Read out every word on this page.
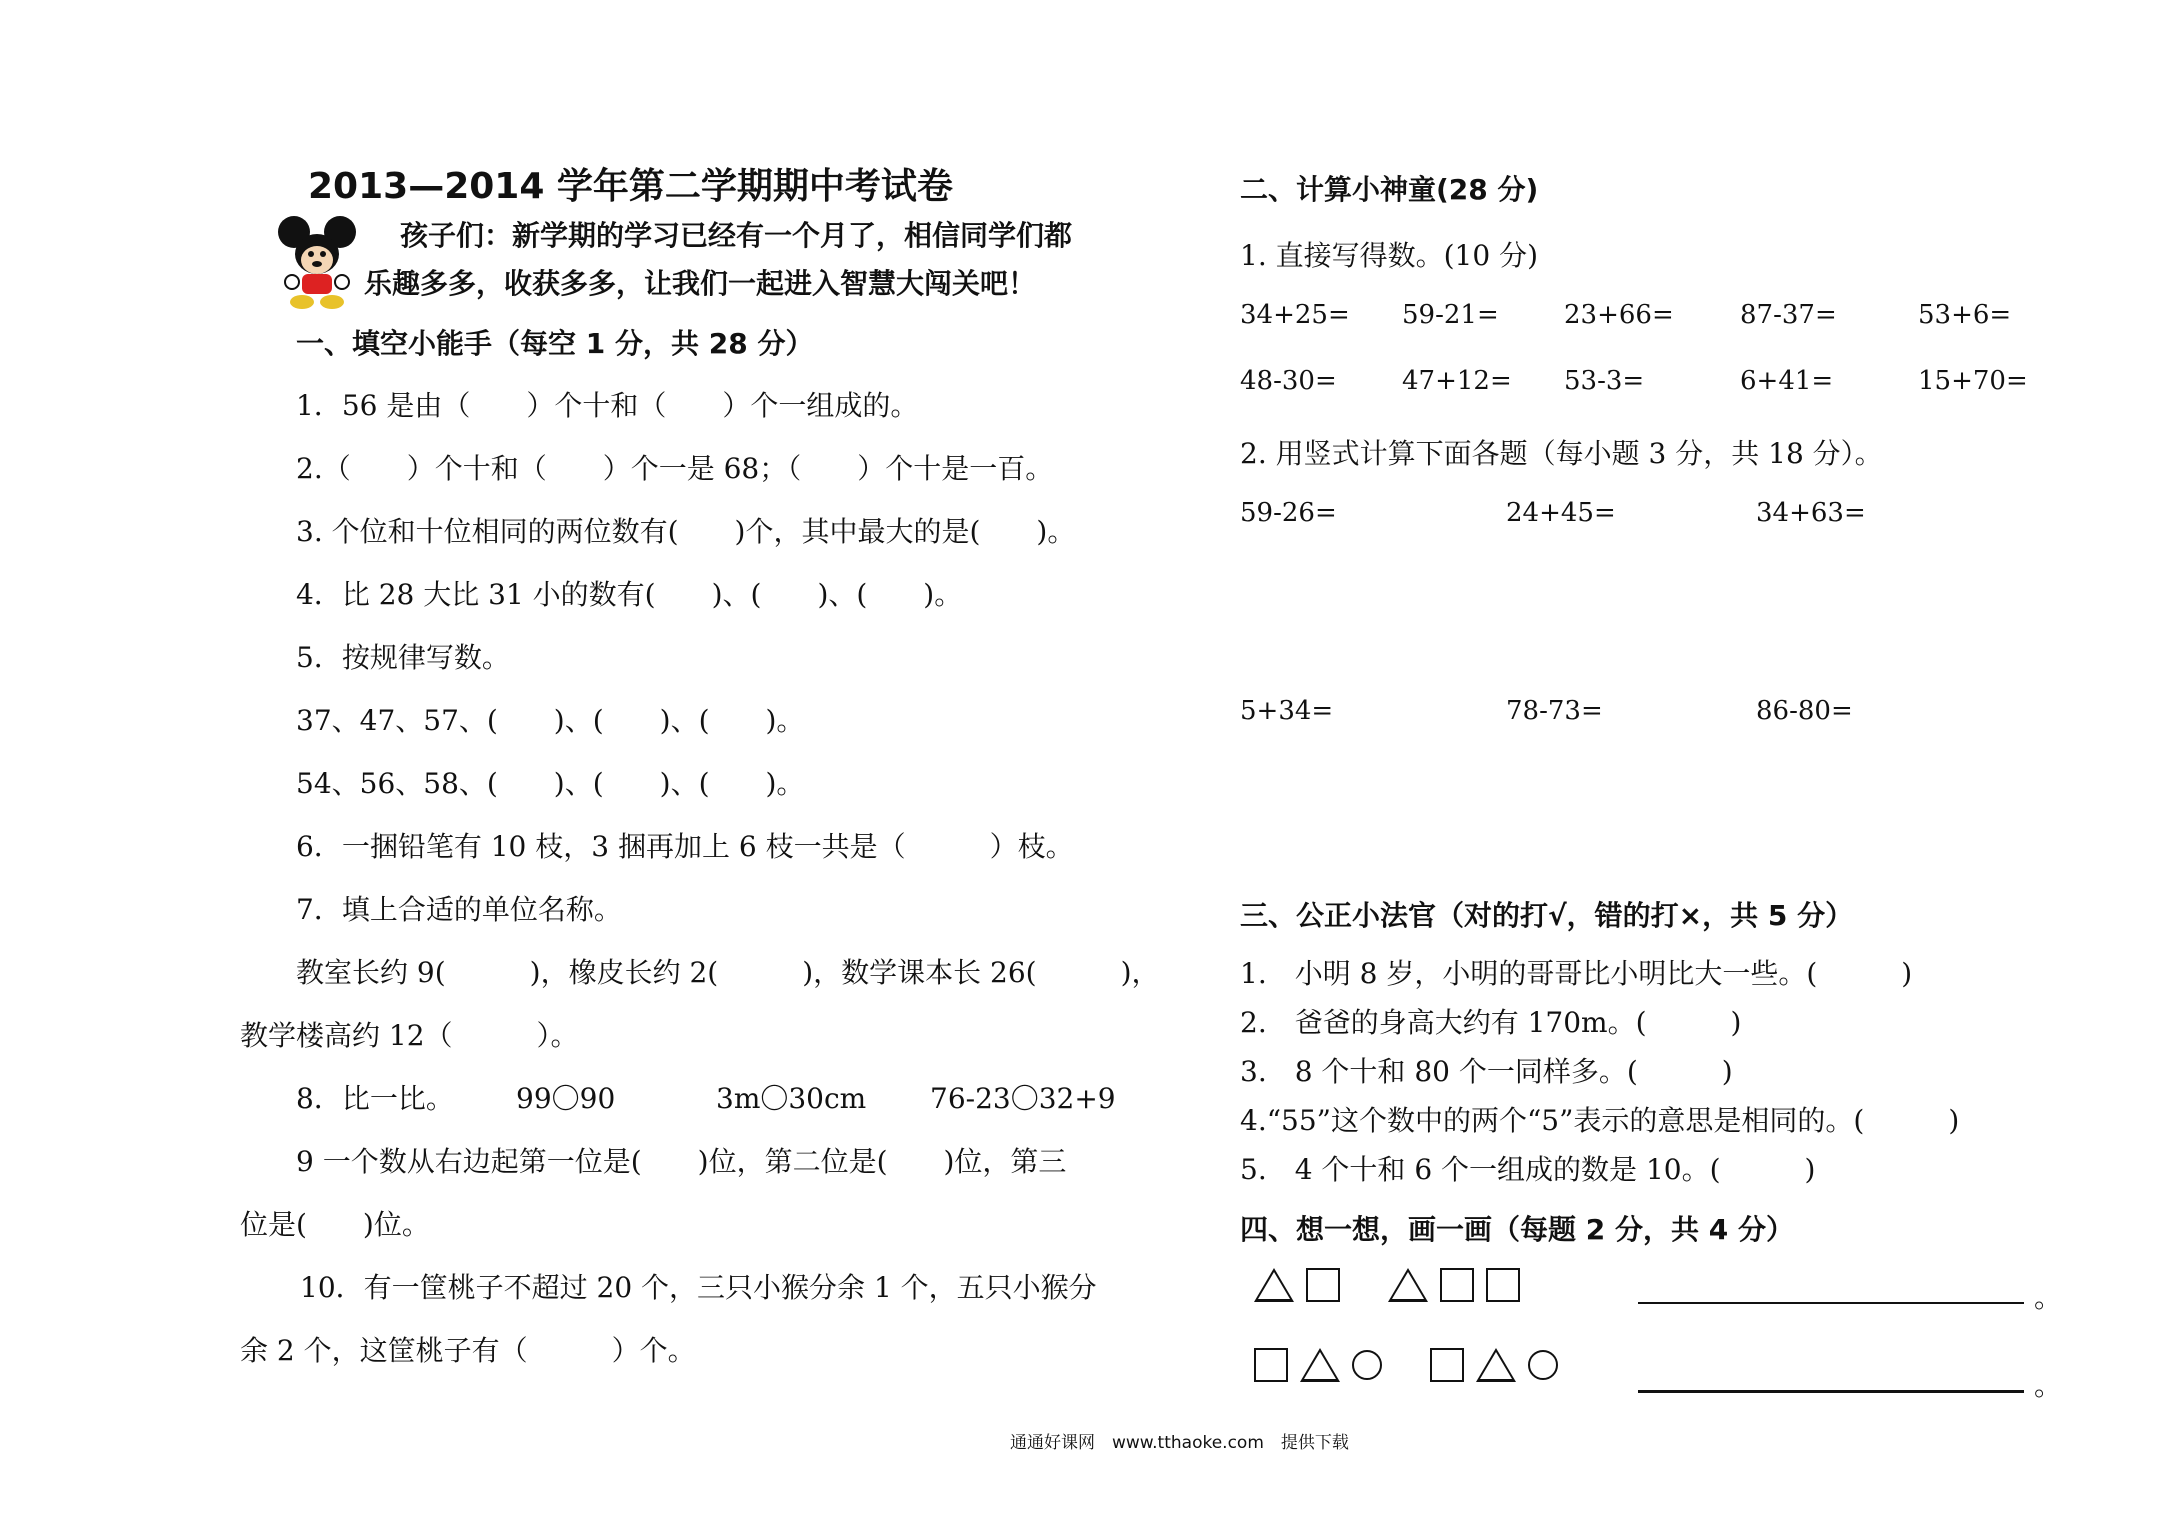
2013—2014 学年第二学期期中考试卷
孩子们：新学期的学习已经有一个月了，相信同学们都
乐趣多多，收获多多，让我们一起进入智慧大闯关吧！
一、填空小能手（每空 1 分，共 28 分）
1．56 是由（　　）个十和（　　）个一组成的。
2.（　　）个十和（　　）个一是 68；（　　）个十是一百。
3. 个位和十位相同的两位数有(　　)个，其中最大的是(　　)。
4．比 28 大比 31 小的数有(　　)、(　　)、(　　)。
5．按规律写数。
37、47、57、(　　)、(　　)、(　　)。
54、56、58、(　　)、(　　)、(　　)。
6．一捆铅笔有 10 枝，3 捆再加上 6 枝一共是（　　　）枝。
7．填上合适的单位名称。
教室长约 9(　　　)，橡皮长约 2(　　　)，数学课本长 26(　　　)，
教学楼高约 12（　　　）。
8．比一比。 99〇90	3m〇30cm 76-23〇32+9
9 一个数从右边起第一位是(　　)位，第二位是(　　)位，第三
位是(　　)位。
10．有一筐桃子不超过 20 个，三只小猴分余 1 个，五只小猴分
余 2 个，这筐桃子有（　　　）个。
二、计算小神童(28 分)
1. 直接写得数。(10 分)
34+25= 59-21=	23+66=	87-37=	53+6=
48-30=	47+12= 53-3=	6+41=	15+70=
2. 用竖式计算下面各题（每小题 3 分，共 18 分）。
59-26=	24+45=	34+63=
5+34=	78-73=	86-80=
三、公正小法官（对的打√，错的打×，共 5 分）
1.　小明 8 岁，小明的哥哥比小明比大一些。(　　　)
2.　爸爸的身高大约有 170m。(　　　)
3.　8 个十和 80 个一同样多。(　　　)
4.“55”这个数中的两个“5”表示的意思是相同的。(　　　)
5.　4 个十和 6 个一组成的数是 10。(　　　)
四、想一想，画一画（每题 2 分，共 4 分）
。
。
通通好课网　www.tthaoke.com　提供下载
